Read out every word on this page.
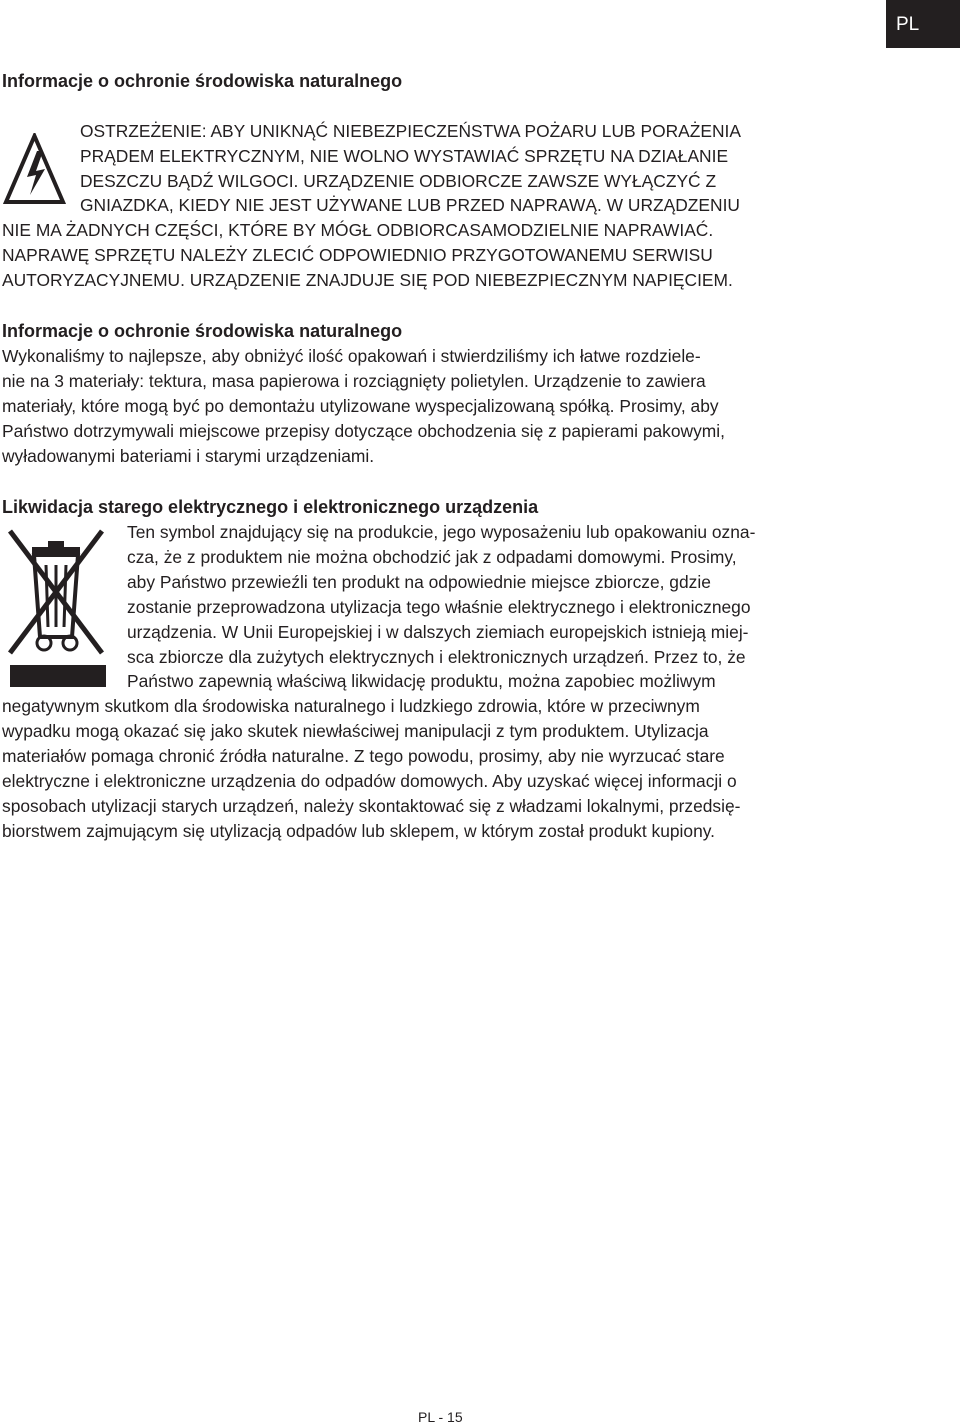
PL
Informacje o ochronie środowiska naturalnego
OSTRZEŻENIE: ABY UNIKNĄĆ NIEBEZPIECZEŃSTWA POŻARU LUB PORAŻENIA
PRĄDEM ELEKTRYCZNYM, NIE WOLNO WYSTAWIAĆ SPRZĘTU NA DZIAŁANIE
DESZCZU BĄDŹ WILGOCI. URZĄDZENIE ODBIORCZE ZAWSZE WYŁĄCZYĆ Z
GNIAZDKA, KIEDY NIE JEST UŻYWANE LUB PRZED NAPRAWĄ. W URZĄDZENIU
NIE MA ŻADNYCH CZĘŚCI, KTÓRE BY MÓGŁ ODBIORCASAMODZIELNIE NAPRAWIAĆ.
NAPRAWĘ SPRZĘTU NALEŻY ZLECIĆ ODPOWIEDNIO PRZYGOTOWANEMU SERWISU
AUTORYZACYJNEMU. URZĄDZENIE ZNAJDUJE SIĘ POD NIEBEZPIECZNYM NAPIĘCIEM.
Informacje o ochronie środowiska naturalnego
Wykonaliśmy to najlepsze, aby obniżyć ilość opakowań i stwierdziliśmy ich łatwe rozdziele-
nie na 3 materiały: tektura, masa papierowa i rozciągnięty polietylen. Urządzenie to zawiera
materiały, które mogą być po demontażu utylizowane wyspecjalizowaną spółką. Prosimy, aby
Państwo dotrzymywali miejscowe przepisy dotyczące obchodzenia się z papierami pakowymi,
wyładowanymi bateriami i starymi urządzeniami.
Likwidacja starego elektrycznego i elektronicznego urządzenia
Ten symbol znajdujący się na produkcie, jego wyposażeniu lub opakowaniu ozna-
cza, że z produktem nie można obchodzić jak z odpadami domowymi. Prosimy,
aby Państwo przewieźli ten produkt na odpowiednie miejsce zbiorcze, gdzie
zostanie przeprowadzona utylizacja tego właśnie elektrycznego i elektronicznego
urządzenia. W Unii Europejskiej i w dalszych ziemiach europejskich istnieją miej-
sca zbiorcze dla zużytych elektrycznych i elektronicznych urządzeń. Przez to, że
Państwo zapewnią właściwą likwidację produktu, można zapobiec możliwym
negatywnym skutkom dla środowiska naturalnego i ludzkiego zdrowia, które w przeciwnym
wypadku mogą okazać się jako skutek niewłaściwej manipulacji z tym produktem. Utylizacja
materiałów pomaga chronić źródła naturalne. Z tego powodu, prosimy, aby nie wyrzucać stare
elektryczne i elektroniczne urządzenia do odpadów domowych. Aby uzyskać więcej informacji o
sposobach utylizacji starych urządzeń, należy skontaktować się z władzami lokalnymi, przedsię-
biorstwem zajmującym się utylizacją odpadów lub sklepem, w którym został produkt kupiony.
PL - 15
